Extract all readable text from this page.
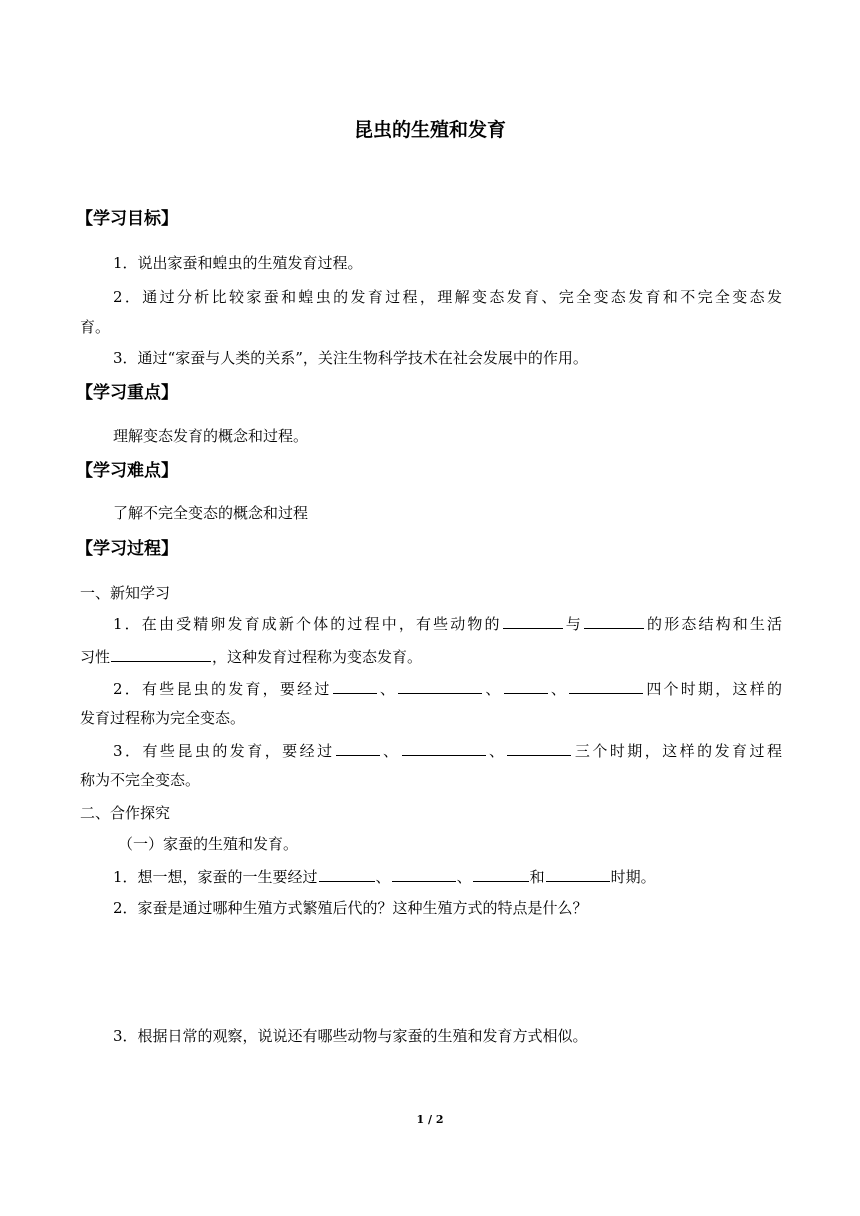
昆虫的生殖和发育
【学习目标】
1．说出家蚕和蝗虫的生殖发育过程。
2．通过分析比较家蚕和蝗虫的发育过程，理解变态发育、完全变态发育和不完全变态发
育。
3．通过“家蚕与人类的关系”，关注生物科学技术在社会发展中的作用。
【学习重点】
理解变态发育的概念和过程。
【学习难点】
了解不完全变态的概念和过程
【学习过程】
一、新知学习
1．在由受精卵发育成新个体的过程中，有些动物的	与	的形态结构和生活
习性	，这种发育过程称为变态发育。
2．有些昆虫的发育，要经过	、	、	、	四个时期，这样的
发育过程称为完全变态。
3．有些昆虫的发育，要经过	、	、	三个时期，这样的发育过程
称为不完全变态。
二、合作探究
（一）家蚕的生殖和发育。
1．想一想，家蚕的一生要经过	、	、	和	时期。
2．家蚕是通过哪种生殖方式繁殖后代的？这种生殖方式的特点是什么？
3．根据日常的观察，说说还有哪些动物与家蚕的生殖和发育方式相似。
1 / 2
